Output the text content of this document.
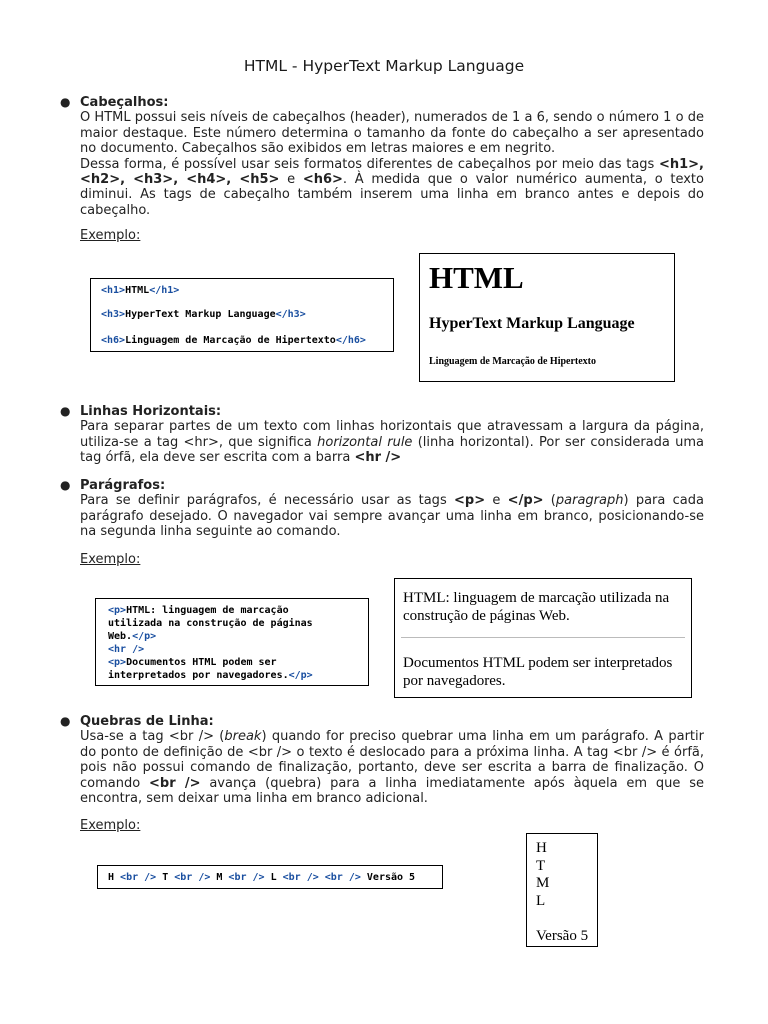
HTML - HyperText Markup Language
● Cabeçalhos:
O HTML possui seis níveis de cabeçalhos (header), numerados de 1 a 6, sendo o número 1 o de maior destaque. Este número determina o tamanho da fonte do cabeçalho a ser apresentado no documento. Cabeçalhos são exibidos em letras maiores e em negrito.
Dessa forma, é possível usar seis formatos diferentes de cabeçalhos por meio das tags <h1>, <h2>, <h3>, <h4>, <h5> e <h6>. À medida que o valor numérico aumenta, o texto diminui. As tags de cabeçalho também inserem uma linha em branco antes e depois do cabeçalho.
Exemplo:
<h1>HTML</h1>
<h3>HyperText Markup Language</h3>
<h6>Linguagem de Marcação de Hipertexto</h6>
HTML
HyperText Markup Language
Linguagem de Marcação de Hipertexto
● Linhas Horizontais:
Para separar partes de um texto com linhas horizontais que atravessam a largura da página, utiliza-se a tag <hr>, que significa horizontal rule (linha horizontal). Por ser considerada uma tag órfã, ela deve ser escrita com a barra <hr />
● Parágrafos:
Para se definir parágrafos, é necessário usar as tags <p> e </p> (paragraph) para cada parágrafo desejado. O navegador vai sempre avançar uma linha em branco, posicionando-se na segunda linha seguinte ao comando.
Exemplo:
<p>HTML: linguagem de marcação
utilizada na construção de páginas
Web.</p>
<hr />
<p>Documentos HTML podem ser
interpretados por navegadores.</p>
HTML: linguagem de marcação utilizada na construção de páginas Web.
Documentos HTML podem ser interpretados por navegadores.
● Quebras de Linha:
Usa-se a tag <br /> (break) quando for preciso quebrar uma linha em um parágrafo. A partir do ponto de definição de <br /> o texto é deslocado para a próxima linha. A tag <br /> é órfã, pois não possui comando de finalização, portanto, deve ser escrita a barra de finalização. O comando <br /> avança (quebra) para a linha imediatamente após àquela em que se encontra, sem deixar uma linha em branco adicional.
Exemplo:
H <br /> T <br /> M <br /> L <br /> <br /> Versão 5
H
T
M
L
Versão 5
